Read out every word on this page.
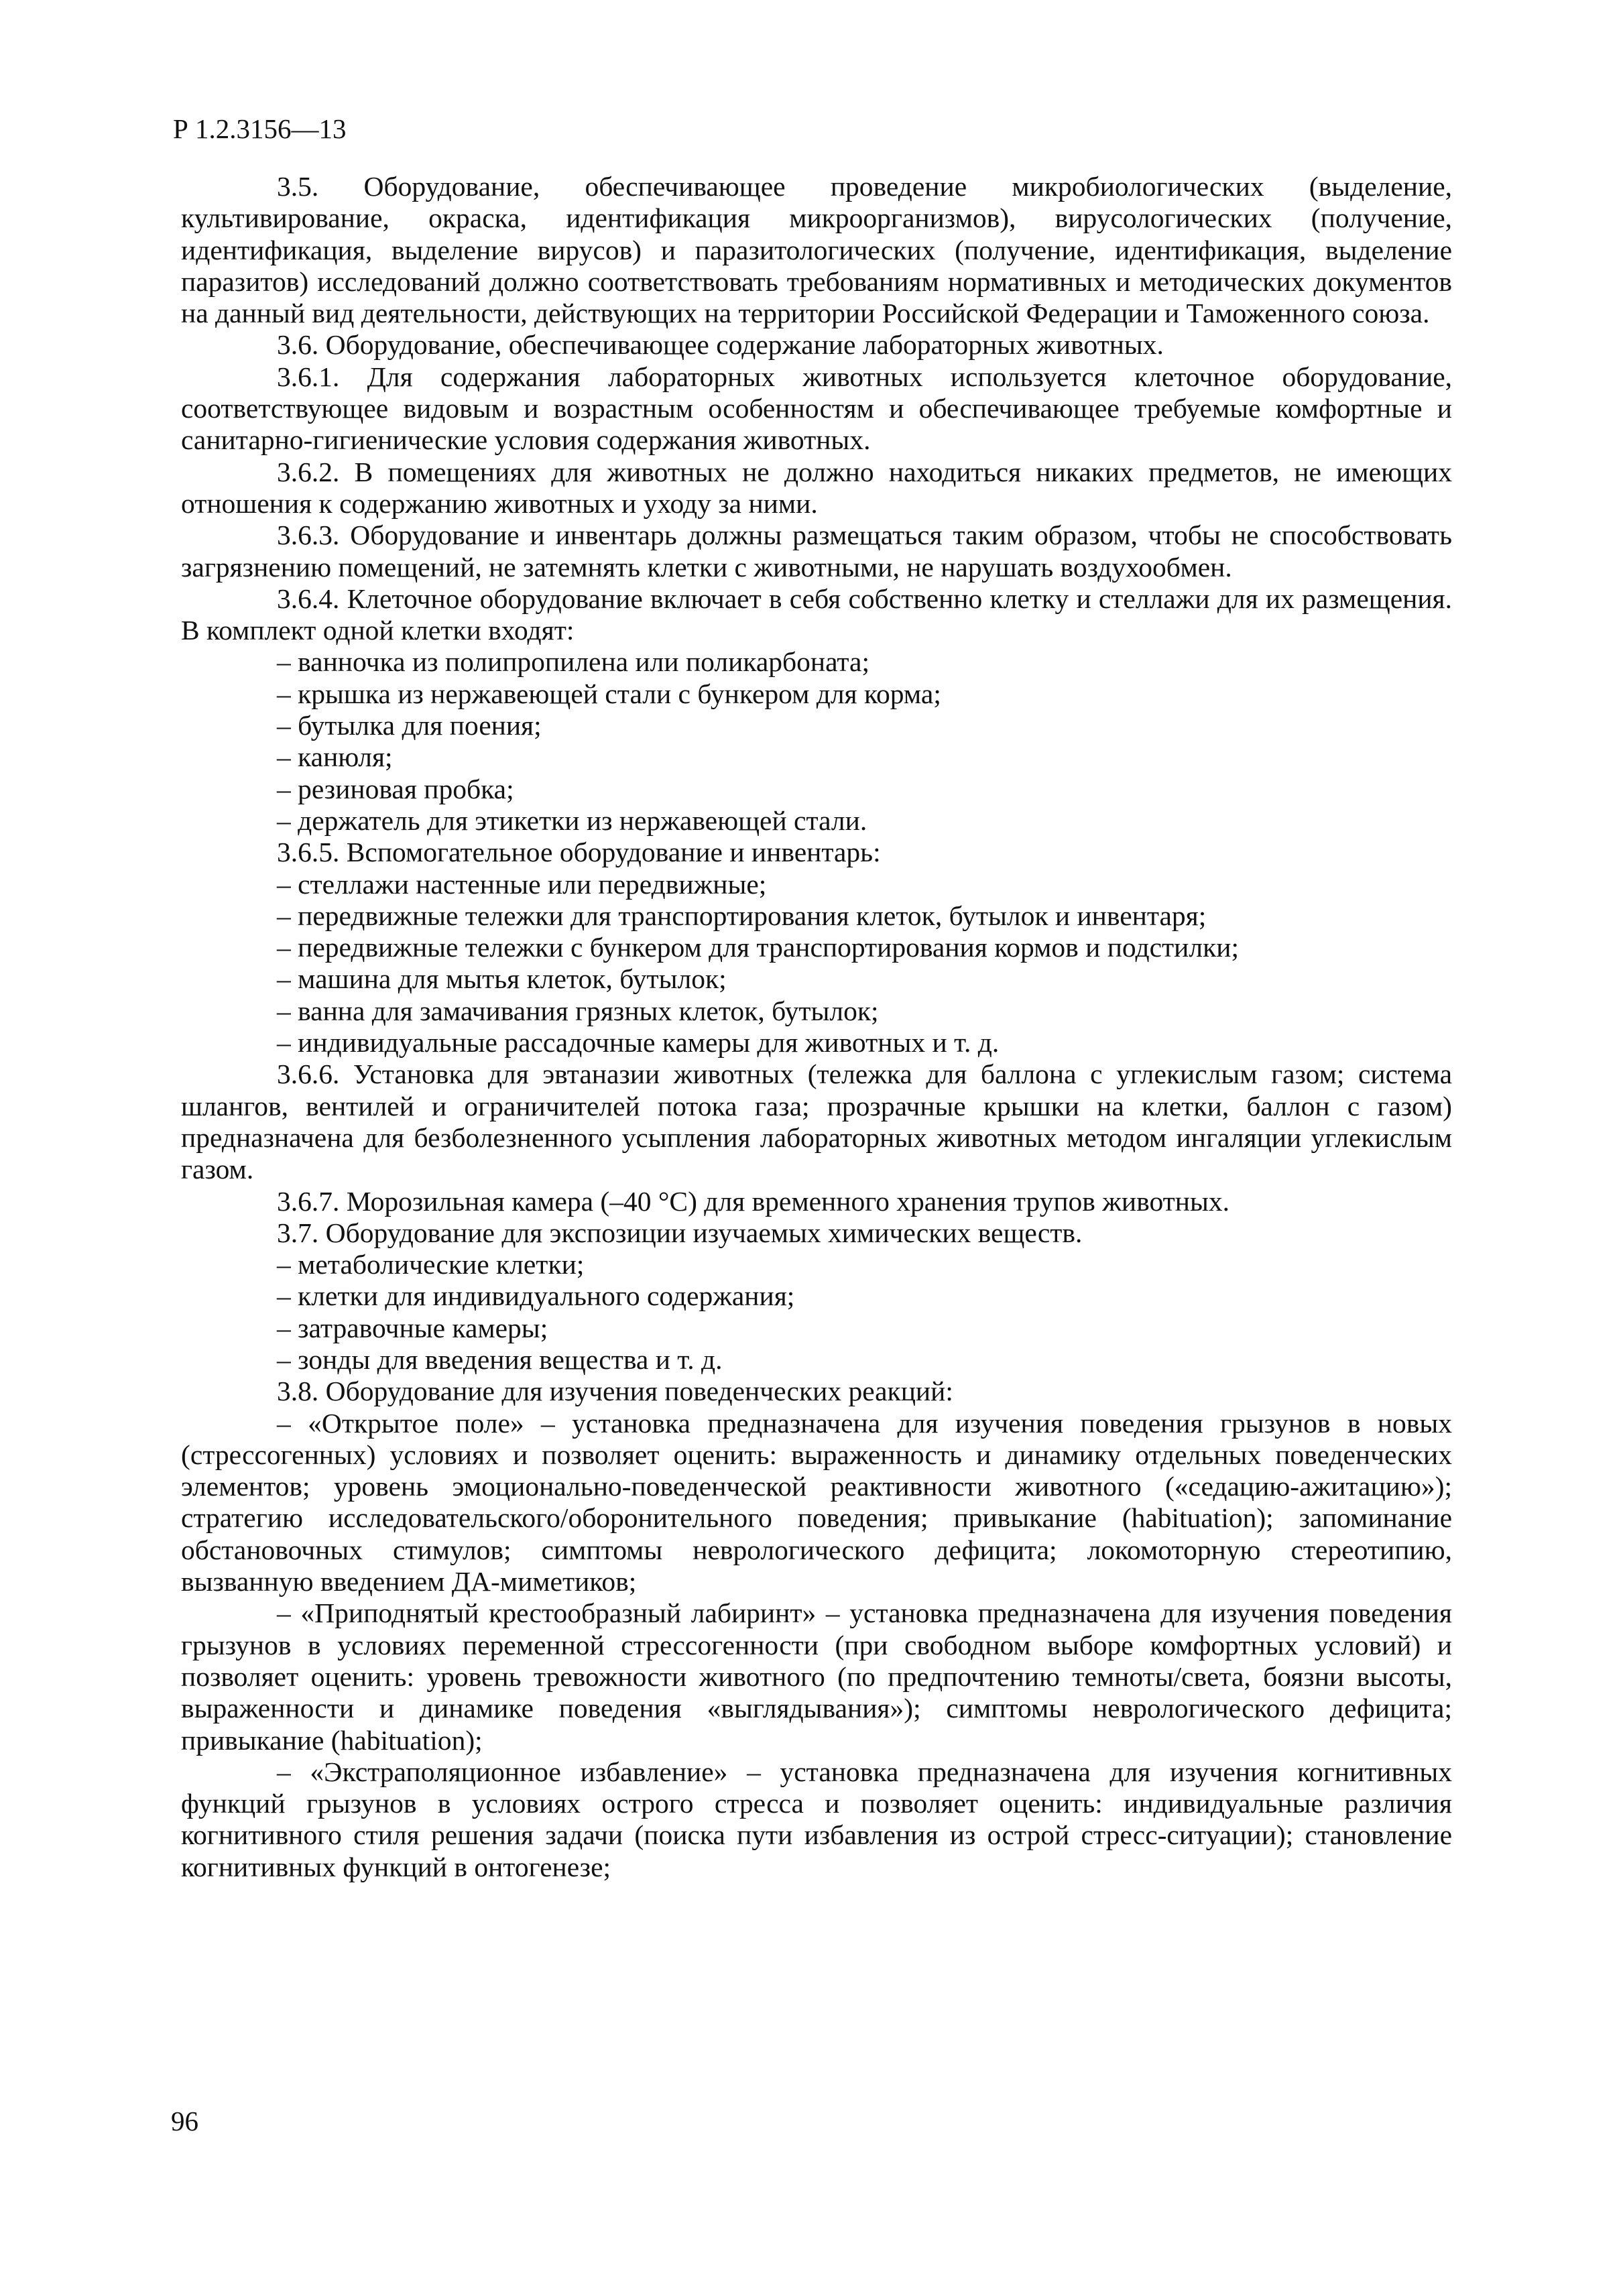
Р 1.2.3156—13

3.5. Оборудование, обеспечивающее проведение микробиологических (выделение, культивирование, окраска, идентификация микроорганизмов), вирусологических (получение, идентификация, выделение вирусов) и паразитологических (получение, идентификация, выделение паразитов) исследований должно соответствовать требованиям нормативных и методических документов на данный вид деятельности, действующих на территории Российской Федерации и Таможенного союза.

3.6. Оборудование, обеспечивающее содержание лабораторных животных.

3.6.1. Для содержания лабораторных животных используется клеточное оборудование, соответствующее видовым и возрастным особенностям и обеспечивающее требуемые комфортные и санитарно-гигиенические условия содержания животных.

3.6.2. В помещениях для животных не должно находиться никаких предметов, не имеющих отношения к содержанию животных и уходу за ними.

3.6.3. Оборудование и инвентарь должны размещаться таким образом, чтобы не способствовать загрязнению помещений, не затемнять клетки с животными, не нарушать воздухообмен.

3.6.4. Клеточное оборудование включает в себя собственно клетку и стеллажи для их размещения. В комплект одной клетки входят:

– ванночка из полипропилена или поликарбоната;

– крышка из нержавеющей стали с бункером для корма;

– бутылка для поения;

– канюля;

– резиновая пробка;

– держатель для этикетки из нержавеющей стали.

3.6.5. Вспомогательное оборудование и инвентарь:

– стеллажи настенные или передвижные;

– передвижные тележки для транспортирования клеток, бутылок и инвентаря;

– передвижные тележки с бункером для транспортирования кормов и подстилки;

– машина для мытья клеток, бутылок;

– ванна для замачивания грязных клеток, бутылок;

– индивидуальные рассадочные камеры для животных и т. д.

3.6.6. Установка для эвтаназии животных (тележка для баллона с углекислым газом; система шлангов, вентилей и ограничителей потока газа; прозрачные крышки на клетки, баллон с газом) предназначена для безболезненного усыпления лабораторных животных методом ингаляции углекислым газом.

3.6.7. Морозильная камера (–40 °С) для временного хранения трупов животных.

3.7. Оборудование для экспозиции изучаемых химических веществ.

– метаболические клетки;

– клетки для индивидуального содержания;

– затравочные камеры;

– зонды для введения вещества и т. д.

3.8. Оборудование для изучения поведенческих реакций:

– «Открытое поле» – установка предназначена для изучения поведения грызунов в новых (стрессогенных) условиях и позволяет оценить: выраженность и динамику отдельных поведенческих элементов; уровень эмоционально-поведенческой реактивности животного («седацию-ажитацию»); стратегию исследовательского/оборонительного поведения; привыкание (habituation); запоминание обстановочных стимулов; симптомы неврологического дефицита; локомоторную стереотипию, вызванную введением ДА-миметиков;

– «Приподнятый крестообразный лабиринт» – установка предназначена для изучения поведения грызунов в условиях переменной стрессогенности (при свободном выборе комфортных условий) и позволяет оценить: уровень тревожности животного (по предпочтению темноты/света, боязни высоты, выраженности и динамике поведения «выглядывания»); симптомы неврологического дефицита; привыкание (habituation);

– «Экстраполяционное избавление» – установка предназначена для изучения когнитивных функций грызунов в условиях острого стресса и позволяет оценить: индивидуальные различия когнитивного стиля решения задачи (поиска пути избавления из острой стресс-ситуации); становление когнитивных функций в онтогенезе;

96
